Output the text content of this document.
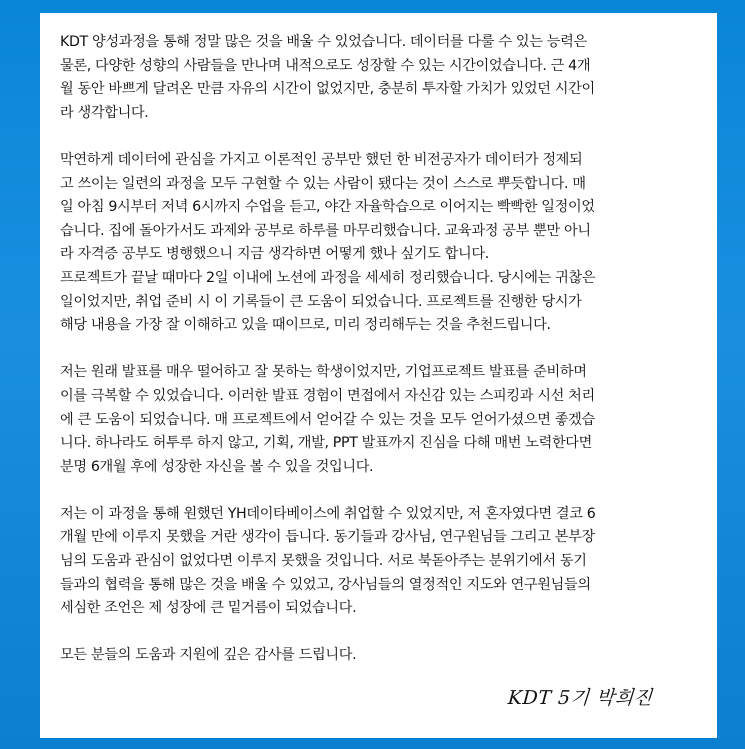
KDT 양성과정을 통해 정말 많은 것을 배울 수 있었습니다. 데이터를 다룰 수 있는 능력은
물론, 다양한 성향의 사람들을 만나며 내적으로도 성장할 수 있는 시간이었습니다. 근 4개
월 동안 바쁘게 달려온 만큼 자유의 시간이 없었지만, 충분히 투자할 가치가 있었던 시간이
라 생각합니다.

막연하게 데이터에 관심을 가지고 이론적인 공부만 했던 한 비전공자가 데이터가 정제되
고 쓰이는 일련의 과정을 모두 구현할 수 있는 사람이 됐다는 것이 스스로 뿌듯합니다. 매
일 아침 9시부터 저녁 6시까지 수업을 듣고, 야간 자율학습으로 이어지는 빡빡한 일정이었
습니다. 집에 돌아가서도 과제와 공부로 하루를 마무리했습니다. 교육과정 공부 뿐만 아니
라 자격증 공부도 병행했으니 지금 생각하면 어떻게 했나 싶기도 합니다.
프로젝트가 끝날 때마다 2일 이내에 노션에 과정을 세세히 정리했습니다. 당시에는 귀찮은
일이었지만, 취업 준비 시 이 기록들이 큰 도움이 되었습니다. 프로젝트를 진행한 당시가
해당 내용을 가장 잘 이해하고 있을 때이므로, 미리 정리해두는 것을 추천드립니다.

저는 원래 발표를 매우 떨어하고 잘 못하는 학생이었지만, 기업프로젝트 발표를 준비하며
이를 극복할 수 있었습니다. 이러한 발표 경험이 면접에서 자신감 있는 스피킹과 시선 처리
에 큰 도움이 되었습니다. 매 프로젝트에서 얻어갈 수 있는 것을 모두 얻어가셨으면 좋겠습
니다. 하나라도 허투루 하지 않고, 기획, 개발, PPT 발표까지 진심을 다해 매번 노력한다면
분명 6개월 후에 성장한 자신을 볼 수 있을 것입니다.

저는 이 과정을 통해 원했던 YH데이타베이스에 취업할 수 있었지만, 저 혼자였다면 결코 6
개월 만에 이루지 못했을 거란 생각이 듭니다. 동기들과 강사님, 연구원님들 그리고 본부장
님의 도움과 관심이 없었다면 이루지 못했을 것입니다. 서로 북돋아주는 분위기에서 동기
들과의 협력을 통해 많은 것을 배울 수 있었고, 강사님들의 열정적인 지도와 연구원님들의
세심한 조언은 제 성장에 큰 밑거름이 되었습니다.

모든 분들의 도움과 지원에 깊은 감사를 드립니다.

KDT 5기 박희진
